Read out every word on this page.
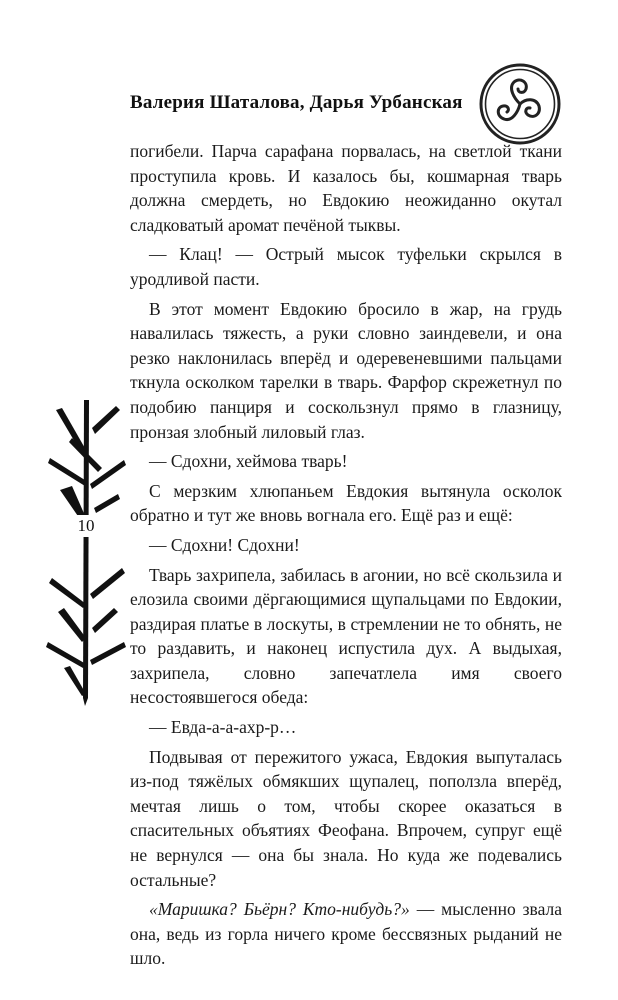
Валерия Шаталова, Дарья Урбанская
10

погибели. Парча сарафана порвалась, на светлой ткани проступила кровь. И казалось бы, кошмарная тварь должна смердеть, но Евдокию неожиданно окутал сладковатый аромат печёной тыквы.

— Клац! — Острый мысок туфельки скрылся в уродливой пасти.

В этот момент Евдокию бросило в жар, на грудь навалилась тяжесть, а руки словно заиндевели, и она резко наклонилась вперёд и одеревеневшими пальцами ткнула осколком тарелки в тварь. Фарфор скрежетнул по подобию панциря и соскользнул прямо в глазницу, пронзая злобный лиловый глаз.

— Сдохни, хеймова тварь!

С мерзким хлюпаньем Евдокия вытянула осколок обратно и тут же вновь вогнала его. Ещё раз и ещё:

— Сдохни! Сдохни!

Тварь захрипела, забилась в агонии, но всё скользила и елозила своими дёргающимися щупальцами по Евдокии, раздирая платье в лоскуты, в стремлении не то обнять, не то раздавить, и наконец испустила дух. А выдыхая, захрипела, словно запечатлела имя своего несостоявшегося обеда:

— Евда-а-а-ахр-р…

Подвывая от пережитого ужаса, Евдокия выпуталась из-под тяжёлых обмякших щупалец, поползла вперёд, мечтая лишь о том, чтобы скорее оказаться в спасительных объятиях Феофана. Впрочем, супруг ещё не вернулся — она бы знала. Но куда же подевались остальные?

«Маришка? Бьёрн? Кто-нибудь?» — мысленно звала она, ведь из горла ничего кроме бессвязных рыданий не шло.
